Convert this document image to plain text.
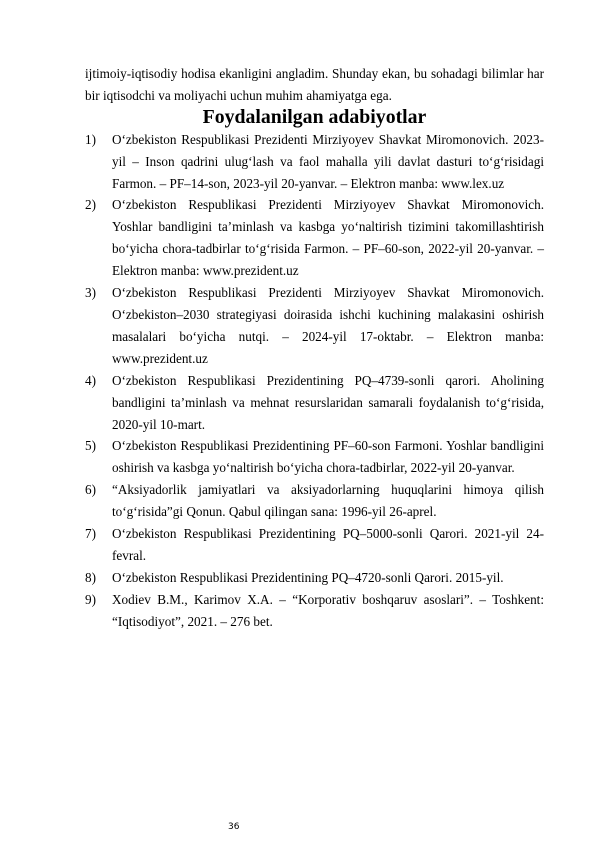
ijtimoiy-iqtisodiy hodisa ekanligini angladim. Shunday ekan, bu sohadagi bilimlar har bir iqtisodchi va moliyachi uchun muhim ahamiyatga ega.

Foydalanilgan adabiyotlar
1) O‘zbekiston Respublikasi Prezidenti Mirziyoyev Shavkat Miromonovich. 2023-yil – Inson qadrini ulug‘lash va faol mahalla yili davlat dasturi to‘g‘risidagi Farmon. – PF–14-son, 2023-yil 20-yanvar. – Elektron manba: www.lex.uz
2) O‘zbekiston Respublikasi Prezidenti Mirziyoyev Shavkat Miromonovich. Yoshlar bandligini ta’minlash va kasbga yo‘naltirish tizimini takomillashtirish bo‘yicha chora-tadbirlar to‘g‘risida Farmon. – PF–60-son, 2022-yil 20-yanvar. – Elektron manba: www.prezident.uz
3) O‘zbekiston Respublikasi Prezidenti Mirziyoyev Shavkat Miromonovich. O‘zbekiston–2030 strategiyasi doirasida ishchi kuchining malakasini oshirish masalalari bo‘yicha nutqi. – 2024-yil 17-oktabr. – Elektron manba: www.prezident.uz
4) O‘zbekiston Respublikasi Prezidentining PQ–4739-sonli qarori. Aholining bandligini ta’minlash va mehnat resurslaridan samarali foydalanish to‘g‘risida, 2020-yil 10-mart.
5) O‘zbekiston Respublikasi Prezidentining PF–60-son Farmoni. Yoshlar bandligini oshirish va kasbga yo‘naltirish bo‘yicha chora-tadbirlar, 2022-yil 20-yanvar.
6) “Aksiyadorlik jamiyatlari va aksiyadorlarning huquqlarini himoya qilish to‘g‘risida”gi Qonun. Qabul qilingan sana: 1996-yil 26-aprel.
7) O‘zbekiston Respublikasi Prezidentining PQ–5000-sonli Qarori. 2021-yil 24-fevral.
8) O‘zbekiston Respublikasi Prezidentining PQ–4720-sonli Qarori. 2015-yil.
9) Xodiev B.M., Karimov X.A. – “Korporativ boshqaruv asoslari”. – Toshkent: “Iqtisodiyot”, 2021. – 276 bet.
36
